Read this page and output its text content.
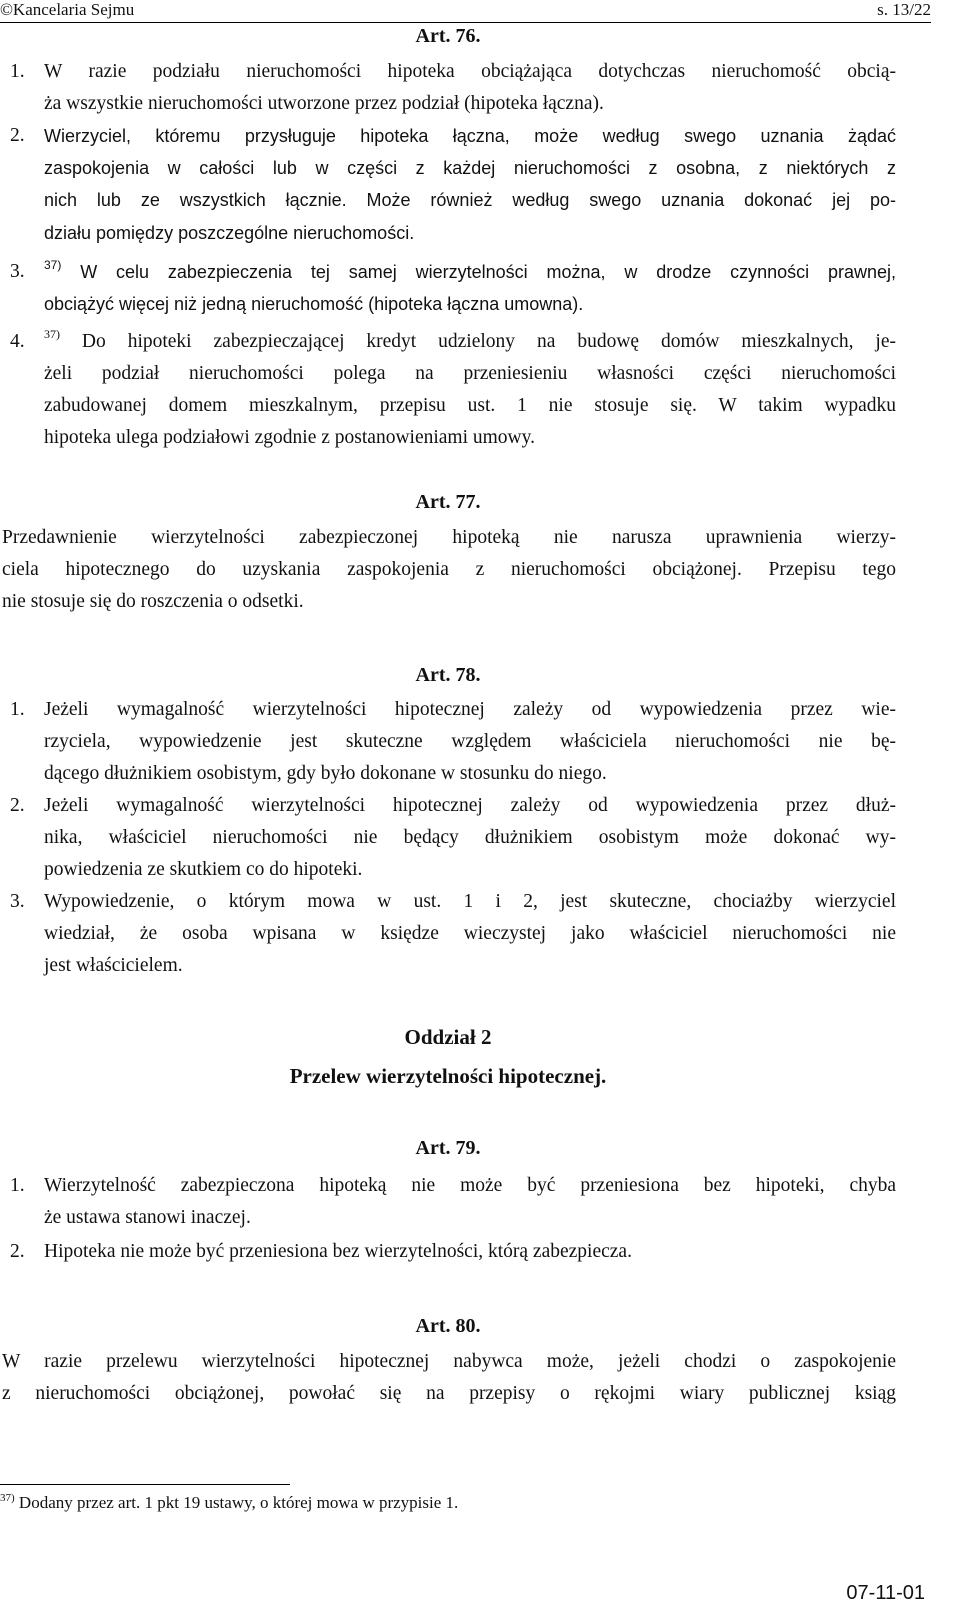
©Kancelaria Sejmu	s. 13/22
Art. 76.
1. W razie podziału nieruchomości hipoteka obciążająca dotychczas nieruchomość obcią-
ża wszystkie nieruchomości utworzone przez podział (hipoteka łączna).
2. Wierzyciel, któremu przysługuje hipoteka łączna, może według swego uznania żądać
zaspokojenia w całości lub w części z każdej nieruchomości z osobna, z niektórych z
nich lub ze wszystkich łącznie. Może również według swego uznania dokonać jej po-
działu pomiędzy poszczególne nieruchomości.
3. $^{37)}$ W celu zabezpieczenia tej samej wierzytelności można, w drodze czynności prawnej,
obciążyć więcej niż jedną nieruchomość (hipoteka łączna umowna).
4. $^{37)}$ Do hipoteki zabezpieczającej kredyt udzielony na budowę domów mieszkalnych, je-
żeli podział nieruchomości polega na przeniesieniu własności części nieruchomości
zabudowanej domem mieszkalnym, przepisu ust. 1 nie stosuje się. W takim wypadku
hipoteka ulega podziałowi zgodnie z postanowieniami umowy.
Art. 77.
Przedawnienie wierzytelności zabezpieczonej hipoteką nie narusza uprawnienia wierzy-
ciela hipotecznego do uzyskania zaspokojenia z nieruchomości obciążonej. Przepisu tego
nie stosuje się do roszczenia o odsetki.
Art. 78.
1. Jeżeli wymagalność wierzytelności hipotecznej zależy od wypowiedzenia przez wie-
rzyciela, wypowiedzenie jest skuteczne względem właściciela nieruchomości nie bę-
dącego dłużnikiem osobistym, gdy było dokonane w stosunku do niego.
2. Jeżeli wymagalność wierzytelności hipotecznej zależy od wypowiedzenia przez dłuż-
nika, właściciel nieruchomości nie będący dłużnikiem osobistym może dokonać wy-
powiedzenia ze skutkiem co do hipoteki.
3. Wypowiedzenie, o którym mowa w ust. 1 i 2, jest skuteczne, chociażby wierzyciel
wiedział, że osoba wpisana w księdze wieczystej jako właściciel nieruchomości nie
jest właścicielem.
Oddział 2
Przelew wierzytelności hipotecznej.
Art. 79.
1. Wierzytelność zabezpieczona hipoteką nie może być przeniesiona bez hipoteki, chyba
że ustawa stanowi inaczej.
2. Hipoteka nie może być przeniesiona bez wierzytelności, którą zabezpiecza.
Art. 80.
W razie przelewu wierzytelności hipotecznej nabywca może, jeżeli chodzi o zaspokojenie
z nieruchomości obciążonej, powołać się na przepisy o rękojmi wiary publicznej ksiąg
$^{37)}$ Dodany przez art. 1 pkt 19 ustawy, o której mowa w przypisie 1.
07-11-01
